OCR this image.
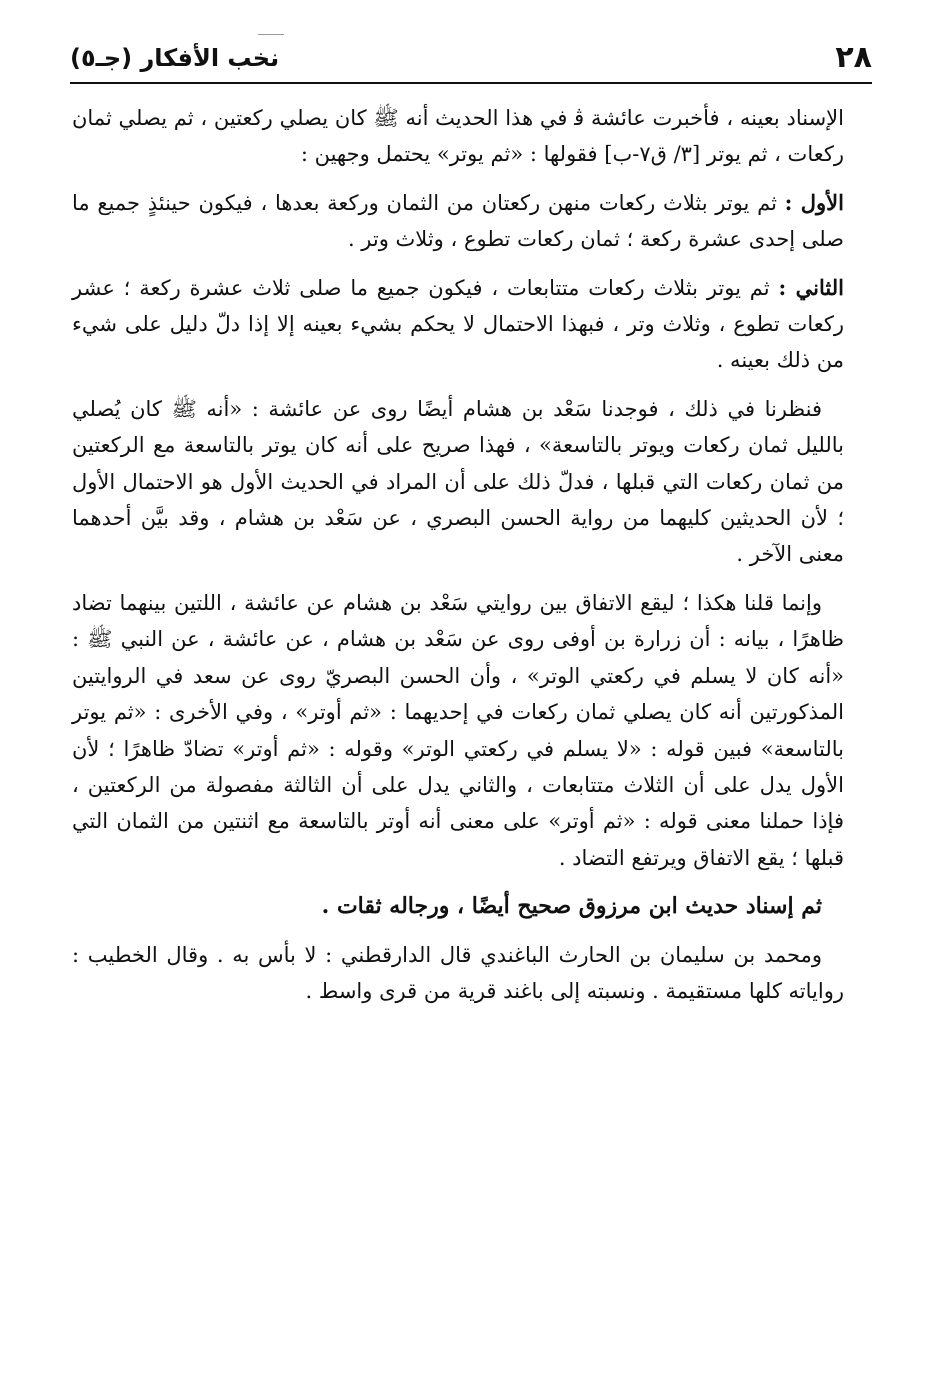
٢٨
نخب الأفكار (جـ٥)

الإسناد بعينه ، فأخبرت عائشة ﭬ في هذا الحديث أنه ﷺ كان يصلي ركعتين ، ثم يصلي ثمان ركعات ، ثم يوتر [٣/ ق٧-ب] فقولها : «ثم يوتر» يحتمل وجهين :

الأول : ثم يوتر بثلاث ركعات منهن ركعتان من الثمان وركعة بعدها ، فيكون حينئذٍ جميع ما صلى إحدى عشرة ركعة ؛ ثمان ركعات تطوع ، وثلاث وتر .

الثاني : ثم يوتر بثلاث ركعات متتابعات ، فيكون جميع ما صلى ثلاث عشرة ركعة ؛ عشر ركعات تطوع ، وثلاث وتر ، فبهذا الاحتمال لا يحكم بشيء بعينه إلا إذا دلّ دليل على شيء من ذلك بعينه .

فنظرنا في ذلك ، فوجدنا سَعْد بن هشام أيضًا روى عن عائشة : «أنه ﷺ كان يُصلي بالليل ثمان ركعات ويوتر بالتاسعة» ، فهذا صريح على أنه كان يوتر بالتاسعة مع الركعتين من ثمان ركعات التي قبلها ، فدلّ ذلك على أن المراد في الحديث الأول هو الاحتمال الأول ؛ لأن الحديثين كليهما من رواية الحسن البصري ، عن سَعْد بن هشام ، وقد بيَّن أحدهما معنى الآخر .

وإنما قلنا هكذا ؛ ليقع الاتفاق بين روايتي سَعْد بن هشام عن عائشة ، اللتين بينهما تضاد ظاهرًا ، بيانه : أن زرارة بن أوفى روى عن سَعْد بن هشام ، عن عائشة ، عن النبي ﷺ : «أنه كان لا يسلم في ركعتي الوتر» ، وأن الحسن البصريّ روى عن سعد في الروايتين المذكورتين أنه كان يصلي ثمان ركعات في إحديهما : «ثم أوتر» ، وفي الأخرى : «ثم يوتر بالتاسعة» فبين قوله : «لا يسلم في ركعتي الوتر» وقوله : «ثم أوتر» تضادّ ظاهرًا ؛ لأن الأول يدل على أن الثلاث متتابعات ، والثاني يدل على أن الثالثة مفصولة من الركعتين ، فإذا حملنا معنى قوله : «ثم أوتر» على معنى أنه أوتر بالتاسعة مع اثنتين من الثمان التي قبلها ؛ يقع الاتفاق ويرتفع التضاد .

ثم إسناد حديث ابن مرزوق صحيح أيضًا ، ورجاله ثقات .

ومحمد بن سليمان بن الحارث الباغندي قال الدارقطني : لا بأس به . وقال الخطيب : رواياته كلها مستقيمة . ونسبته إلى باغند قرية من قرى واسط .
